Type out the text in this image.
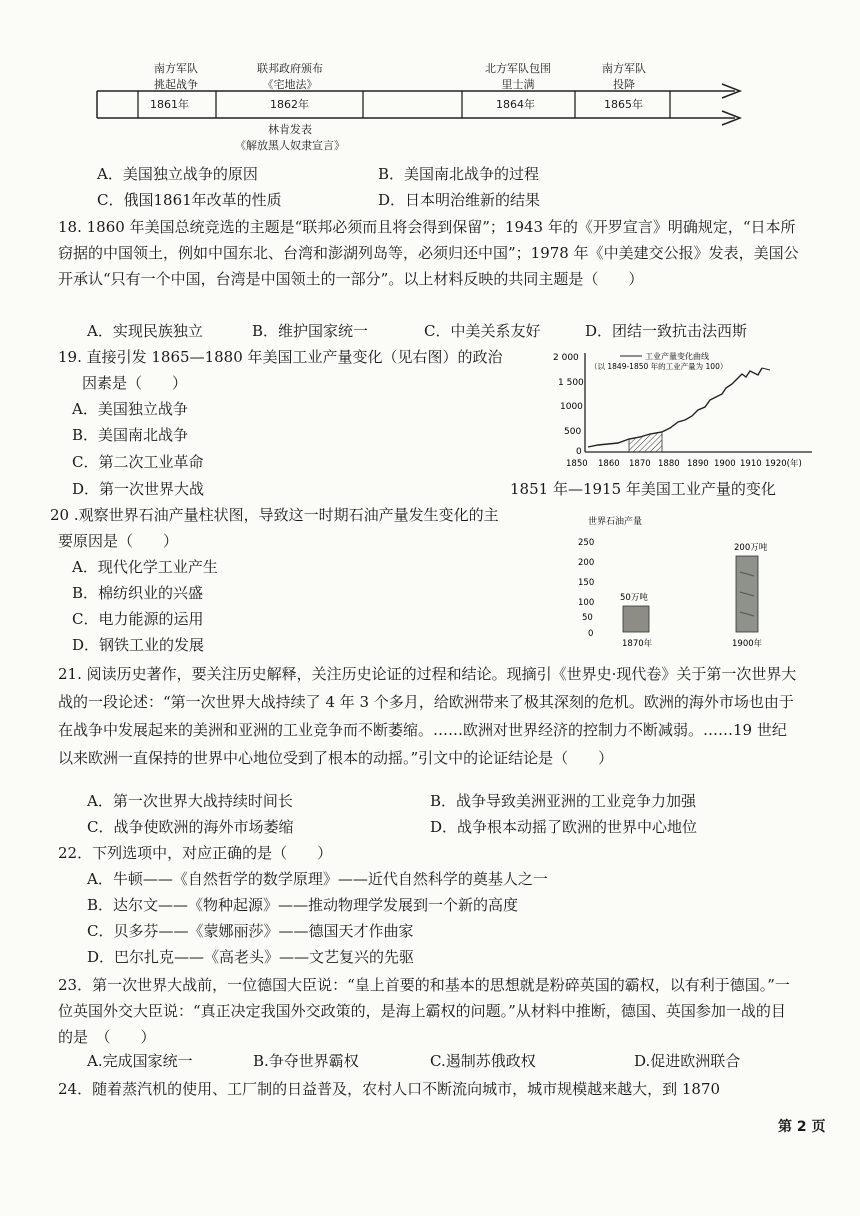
南方军队
挑起战争
联邦政府颁布
《宅地法》
北方军队包围
里士满
南方军队
投降
1861年	1862年	1864年	1865年
林肯发表
《解放黑人奴隶宣言》
A．美国独立战争的原因	B．美国南北战争的过程
C．俄国1861年改革的性质	D．日本明治维新的结果
18. 1860 年美国总统竞选的主题是“联邦必须而且将会得到保留”；1943 年的《开罗宣言》明确规定，“日本所窃据的中国领土，例如中国东北、台湾和澎湖列岛等，必须归还中国”；1978 年《中美建交公报》发表，美国公开承认“只有一个中国，台湾是中国领土的一部分”。以上材料反映的共同主题是（　　）
A．实现民族独立	B．维护国家统一	C．中美关系友好	D．团结一致抗击法西斯
19. 直接引发 1865—1880 年美国工业产量变化（见右图）的政治
因素是（　　）
A．美国独立战争
B．美国南北战争
C．第二次工业革命
D．第一次世界大战
工业产量变化曲线
（以 1849-1850 年的工业产量为 100）
2 000
1 500
1000
500
0
1850 1860 1870 1880 1890 1900 1910 1920(年)
1851 年—1915 年美国工业产量的变化
20 .观察世界石油产量柱状图，导致这一时期石油产量发生变化的主
要原因是（　　）
A．现代化学工业产生
B．棉纺织业的兴盛
C．电力能源的运用
D．钢铁工业的发展
世界石油产量
250
200
150
100
50
0
50万吨
200万吨
1870年	1900年
21. 阅读历史著作，要关注历史解释，关注历史论证的过程和结论。现摘引《世界史·现代卷》关于第一次世界大战的一段论述：“第一次世界大战持续了 4 年 3 个多月，给欧洲带来了极其深刻的危机。欧洲的海外市场也由于在战争中发展起来的美洲和亚洲的工业竞争而不断萎缩。……欧洲对世界经济的控制力不断减弱。……19 世纪以来欧洲一直保持的世界中心地位受到了根本的动摇。”引文中的论证结论是（　　）
A．第一次世界大战持续时间长	B．战争导致美洲亚洲的工业竞争力加强
C．战争使欧洲的海外市场萎缩	D．战争根本动摇了欧洲的世界中心地位
22．下列选项中，对应正确的是（　　）
A．牛顿——《自然哲学的数学原理》——近代自然科学的奠基人之一
B．达尔文——《物种起源》——推动物理学发展到一个新的高度
C．贝多芬——《蒙娜丽莎》——德国天才作曲家
D．巴尔扎克——《高老头》——文艺复兴的先驱
23．第一次世界大战前，一位德国大臣说：“皇上首要的和基本的思想就是粉碎英国的霸权，以有利于德国。”一位英国外交大臣说：“真正决定我国外交政策的，是海上霸权的问题。”从材料中推断，德国、英国参加一战的目的是　（　　）
A.完成国家统一	B.争夺世界霸权	C.遏制苏俄政权	D.促进欧洲联合
24．随着蒸汽机的使用、工厂制的日益普及，农村人口不断流向城市，城市规模越来越大，到 1870
第 2 页
